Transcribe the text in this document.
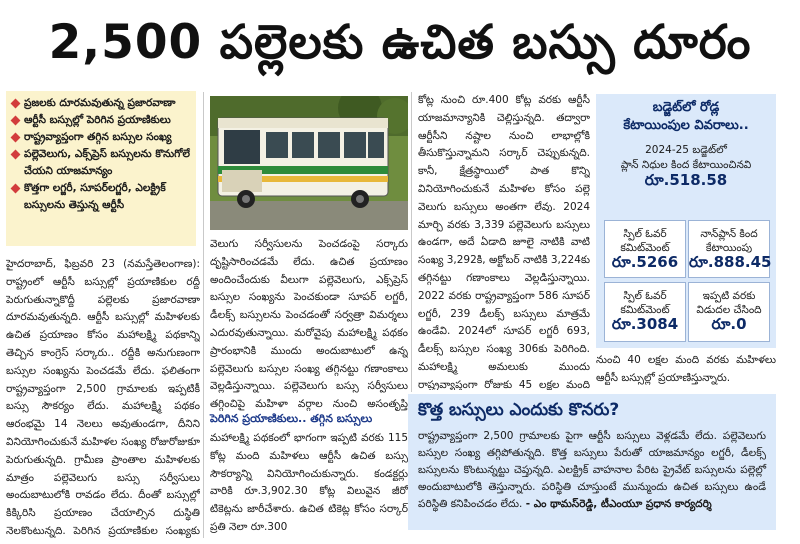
2,500 పల్లెలకు ఉచిత బస్సు దూరం
ప్రజలకు దూరమవుతున్న ప్రజారవాణా
ఆర్టీసీ బస్సుల్లో పెరిగిన ప్రయాణికులు
రాష్ట్రవ్యాప్తంగా తగ్గిన బస్సుల సంఖ్య
పల్లెవెలుగు, ఎక్స్‌ప్రెస్ బస్సులను కొనుగోలే చేయని యాజమాన్యం
కొత్తగా లగ్జరీ, సూపర్‌లగ్జరీ, ఎలక్ట్రిక్ బస్సులను తెస్తున్న ఆర్టీసీ

హైదరాబాద్, ఫిబ్రవరి 23 (నమస్తేతెలంగాణ): రాష్ట్రంలో ఆర్టీసీ బస్సుల్లో ప్రయాణికుల రద్దీ పెరుగుతున్నాకొద్దీ పల్లెలకు ప్రజారవాణా దూరమవుతున్నది. ఆర్టీసీ బస్సుల్లో మహిళలకు ఉచిత ప్రయాణం కోసం మహాలక్ష్మి పథకాన్ని తెచ్చిన కాంగ్రెస్ సర్కారు.. రద్దీకి అనుగుణంగా బస్సుల సంఖ్యను పెంచడమే లేదు. ఫలితంగా రాష్ట్రవ్యాప్తంగా 2,500 గ్రామాలకు ఇప్పటికీ బస్సు సౌకర్యం లేదు. మహాలక్ష్మి పథకం ఆరంభమై 14 నెలలు అవుతుండగా, దీనిని వినియోగించుకునే మహిళల సంఖ్య రోజురోజుకూ పెరుగుతున్నది. గ్రామీణ ప్రాంతాల మహిళలకు మాత్రం పల్లెవెలుగు బస్సు సర్వీసులు అందుబాటులోకి రావడం లేదు. దీంతో బస్సుల్లో కిక్కిరిసి ప్రయాణం చేయాల్సిన దుస్థితి నెలకొంటున్నది. పెరిగిన ప్రయాణికుల సంఖ్యకు

వెలుగు సర్వీసులను పెంచడంపై సర్కారు దృష్టిసారించడమే లేదు. ఉచిత ప్రయాణం అందించేందుకు వీలుగా పల్లెవెలుగు, ఎక్స్‌ప్రెస్ బస్సుల సంఖ్యను పెంచకుండా సూపర్ లగ్జరీ, డీలక్స్ బస్సులను పెంచడంతో సర్వత్రా విమర్శలు ఎదురవుతున్నాయి. మరోవైపు మహాలక్ష్మి పథకం ప్రారంభానికి ముందు అందుబాటులో ఉన్న పల్లెవెలుగు బస్సుల సంఖ్య తగ్గినట్టు గణాంకాలు వెల్లడిస్తున్నాయి. పల్లెవెలుగు బస్సు సర్వీసులు తగ్గించిపై మహిళా వర్గాల నుంచి అసంతృప్తి

పెరిగిన ప్రయాణికులు.. తగ్గిన బస్సులు

మహాలక్ష్మి పథకంలో భాగంగా ఇప్పటి వరకు 115 కోట్ల మంది మహిళలు ఆర్టీసీ ఉచిత బస్సు సౌకర్యాన్ని వినియోగించుకున్నారు. కండక్టర్లు వారికి రూ.3,902.30 కోట్ల విలువైన జీరో టికెట్లను జారీచేశారు. ఉచిత టికెట్ల కోసం సర్కార్ ప్రతి నెలా రూ.300

కోట్ల నుంచి రూ.400 కోట్ల వరకు ఆర్టీసీ యాజమాన్యానికి చెల్లిస్తున్నది. తద్వారా ఆర్టీసీని నష్టాల నుంచి లాభాల్లోకి తీసుకొస్తున్నామని సర్కార్ చెప్పుకున్నది. కానీ, క్షేత్రస్థాయిలో పాత కొన్ని వినియోగించుకునే మహిళల కోసం పల్లె వెలుగు బస్సులు అంతగా లేవు. 2024 మార్చి వరకు 3,339 పల్లెవెలుగు బస్సులు ఉండగా, అదే ఏడాది జూలై నాటికి వాటి సంఖ్య 3,292కి, అక్టోబర్ నాటికి 3,224కు తగ్గినట్టు గణాంకాలు వెల్లడిస్తున్నాయి. 2022 వరకు రాష్ట్రవ్యాప్తంగా 586 సూపర్ లగ్జరీ, 239 డీలక్స్ బస్సులు మాత్రమే ఉండేవి. 2024లో సూపర్ లగ్జరీ 693, డీలక్స్ బస్సుల సంఖ్య 306కు పెరిగింది. మహాలక్ష్మి అమలుకు ముందు రాష్ట్రవ్యాప్తంగా రోజుకు 45 లక్షల మంది

బడ్జెట్‌లో రోడ్ల
కేటాయింపుల వివరాలు..
2024-25 బడ్జెట్‌లో
ప్లాన్ నిధుల కింద కేటాయించినవి
రూ.518.58
స్పిల్ ఓవర్ కమిట్‌మెంట్
రూ.5266
నాన్‌ప్లాన్ కింద కేటాయింపు
రూ.888.45
స్పిల్ ఓవర్ కమిట్‌మెంట్
రూ.3084
ఇప్పటి వరకు విడుదల చేసింది
రూ.0

నుంచి 40 లక్షల మంది వరకు మహిళలు ఆర్టీసీ బస్సుల్లో ప్రయాణిస్తున్నారు.

కొత్త బస్సులు ఎందుకు కొనరు?
రాష్ట్రవ్యాప్తంగా 2,500 గ్రామాలకు పైగా ఆర్టీసీ బస్సులు వెళ్లడమే లేదు. పల్లెవెలుగు బస్సుల సంఖ్య తగ్గిపోతున్నది. కొత్త బస్సులు పేరుతో యాజమాన్యం లగ్జరీ, డీలక్స్ బస్సులను కొంటున్నట్టు చెప్తున్నది. ఎలక్ట్రిక్ వాహనాల పేరిట ప్రైవేట్ బస్సులను పల్లెల్లో అందుబాటులోకి తెస్తున్నారు. పరిస్థితి చూస్తుంటే మున్ముందు ఉచిత బస్సులు ఉండే పరిస్థితి కనిపించడం లేదు. - ఎం థామస్‌రెడ్డి, టీఎంయూ ప్రధాన కార్యదర్శి
